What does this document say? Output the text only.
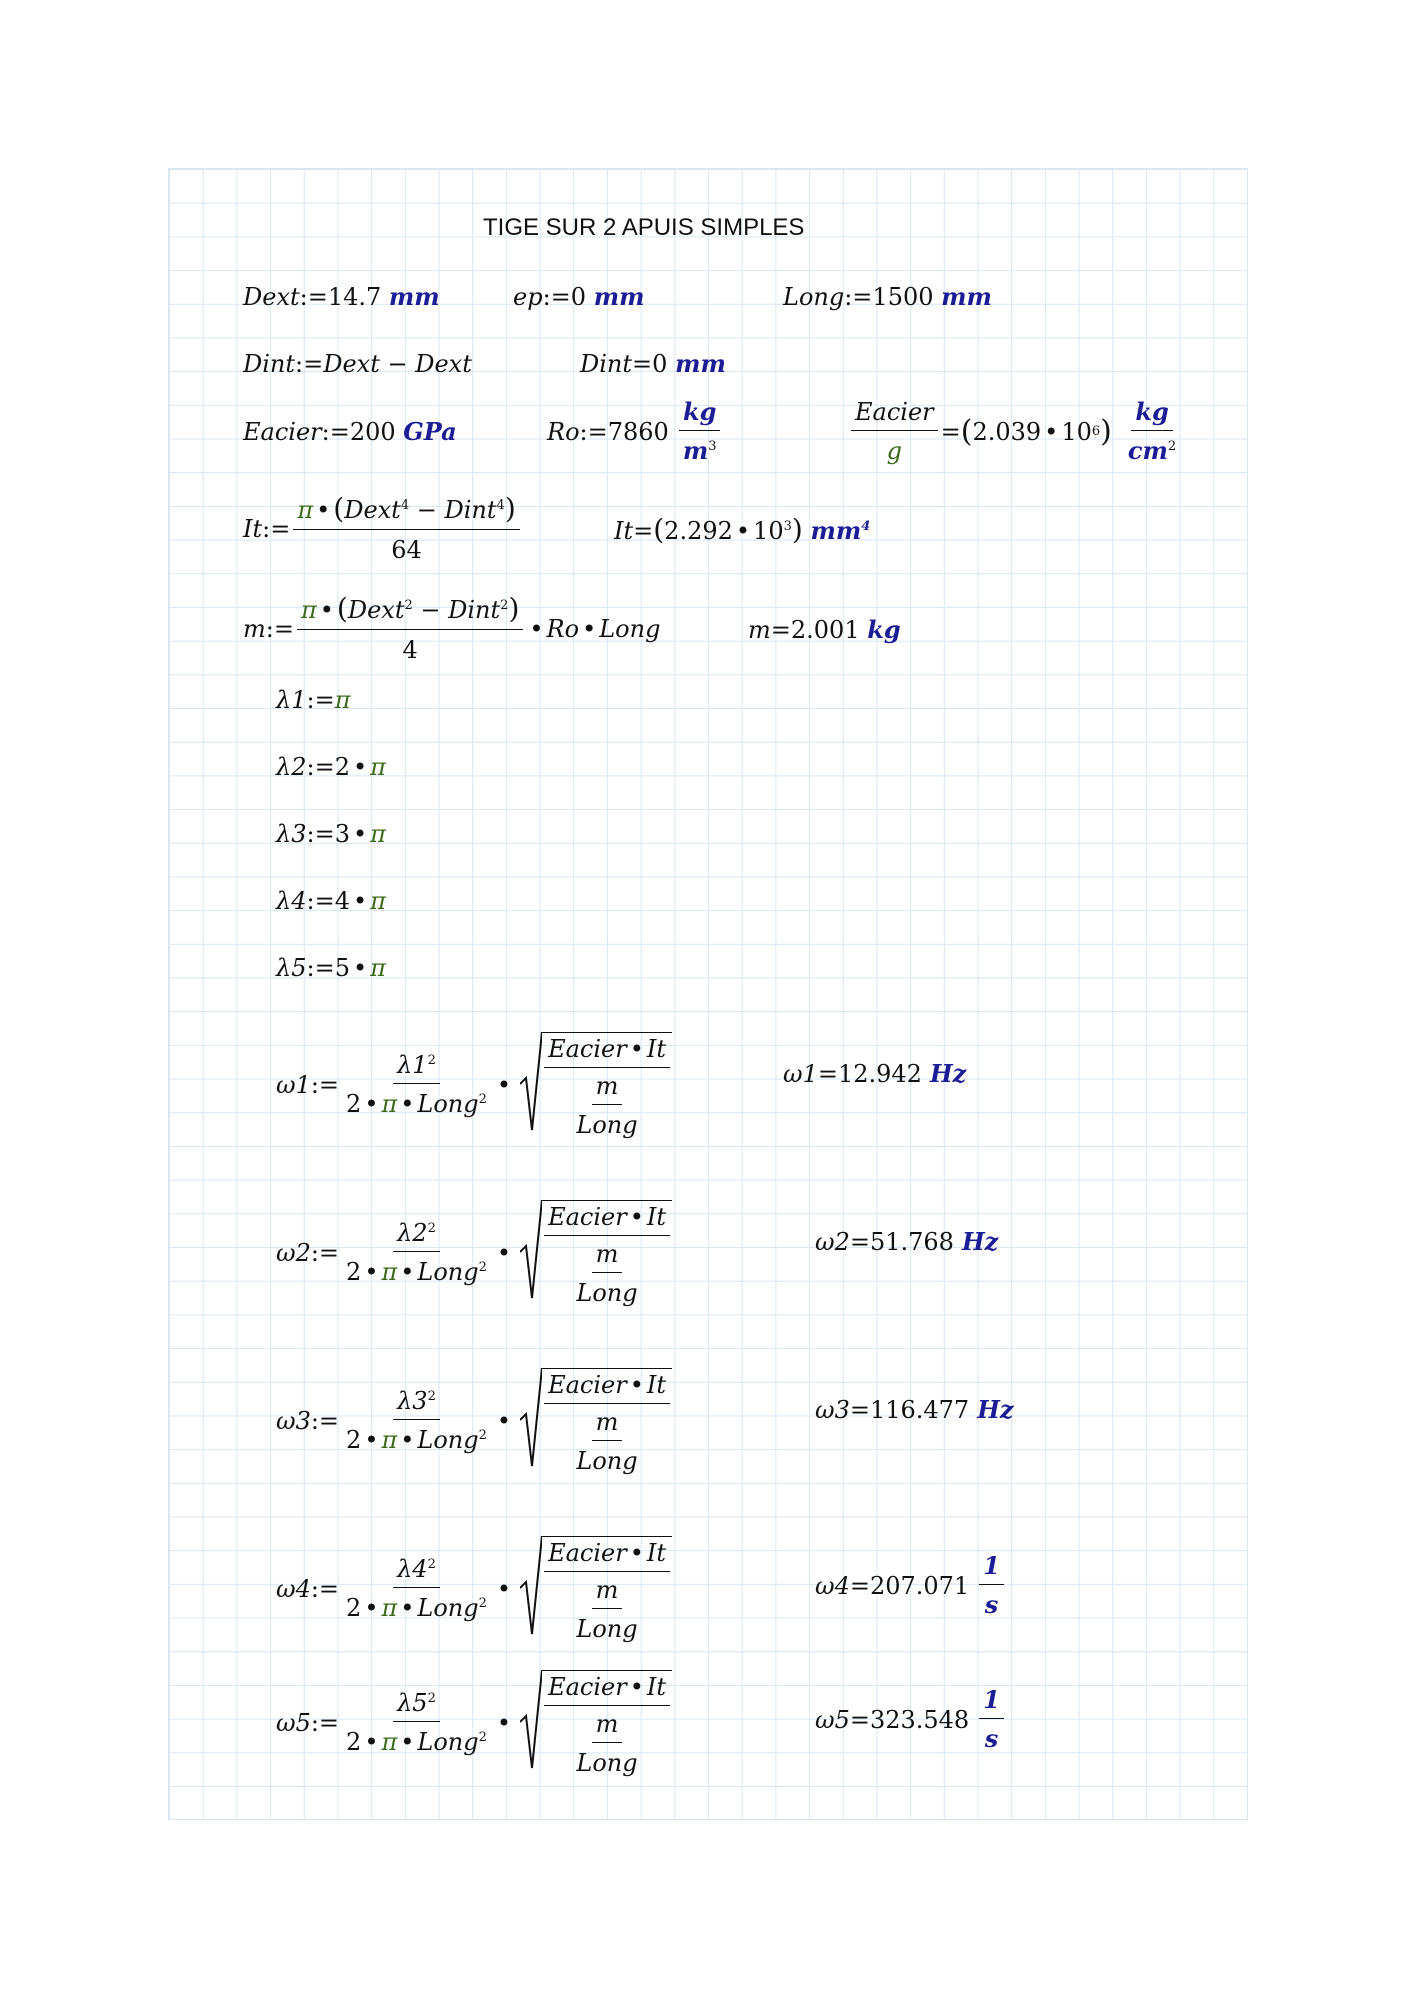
TIGE SUR 2 APUIS SIMPLES
Dext:=14.7 mm	ep:=0 mm	Long:=1500 mm
Dint:=Dext − Dext	Dint=0 mm
Eacier:=200 GPa	Ro := $7860 \frac{kg}{m^3}$	$\frac{\text{Eacier}}{g}$ = ( 2.039 • 10 6 ) $\frac{kg}{cm^2}$
It := $\frac{\pi • (Dext^4 - Dint^4)}{64}$	It=(2.292 • $10^3$) $mm^4$
m := $\frac{\pi • (Dext^2 - Dint^2)}{4}$ • Ro • Long	m=2.001 kg
λ1:=π
λ2:=2 • π
λ3:=3 • π
λ4:=4 • π
λ5:=5 • π
ω1 := $\frac{\lambda 1^2}{2 • \pi • Long^2}$ • $\frac{\text{Eacier • It}}{\frac{m}{\text{Long}}}$	ω1 = 12.942 Hz
ω2 := $\frac{\lambda 2^2}{2 • \pi • Long^2}$ • $\frac{\text{Eacier • It}}{\frac{m}{\text{Long}}}$	ω2 = 51.768 Hz
ω3 := $\frac{\lambda 3^2}{2 • \pi • Long^2}$ • $\frac{\text{Eacier • It}}{\frac{m}{\text{Long}}}$	ω3 = 116.477 Hz
ω4 := $\frac{\lambda 4^2}{2 • \pi • Long^2}$ • $\frac{\text{Eacier • It}}{\frac{m}{\text{Long}}}$	$\omega 4 = 207.071 \frac{1}{s}$
ω5 := $\frac{\lambda 5^2}{2 • \pi • Long^2}$ • $\frac{\text{Eacier • It}}{\frac{m}{\text{Long}}}$	$\omega 5 = 323.548 \frac{1}{s}$
